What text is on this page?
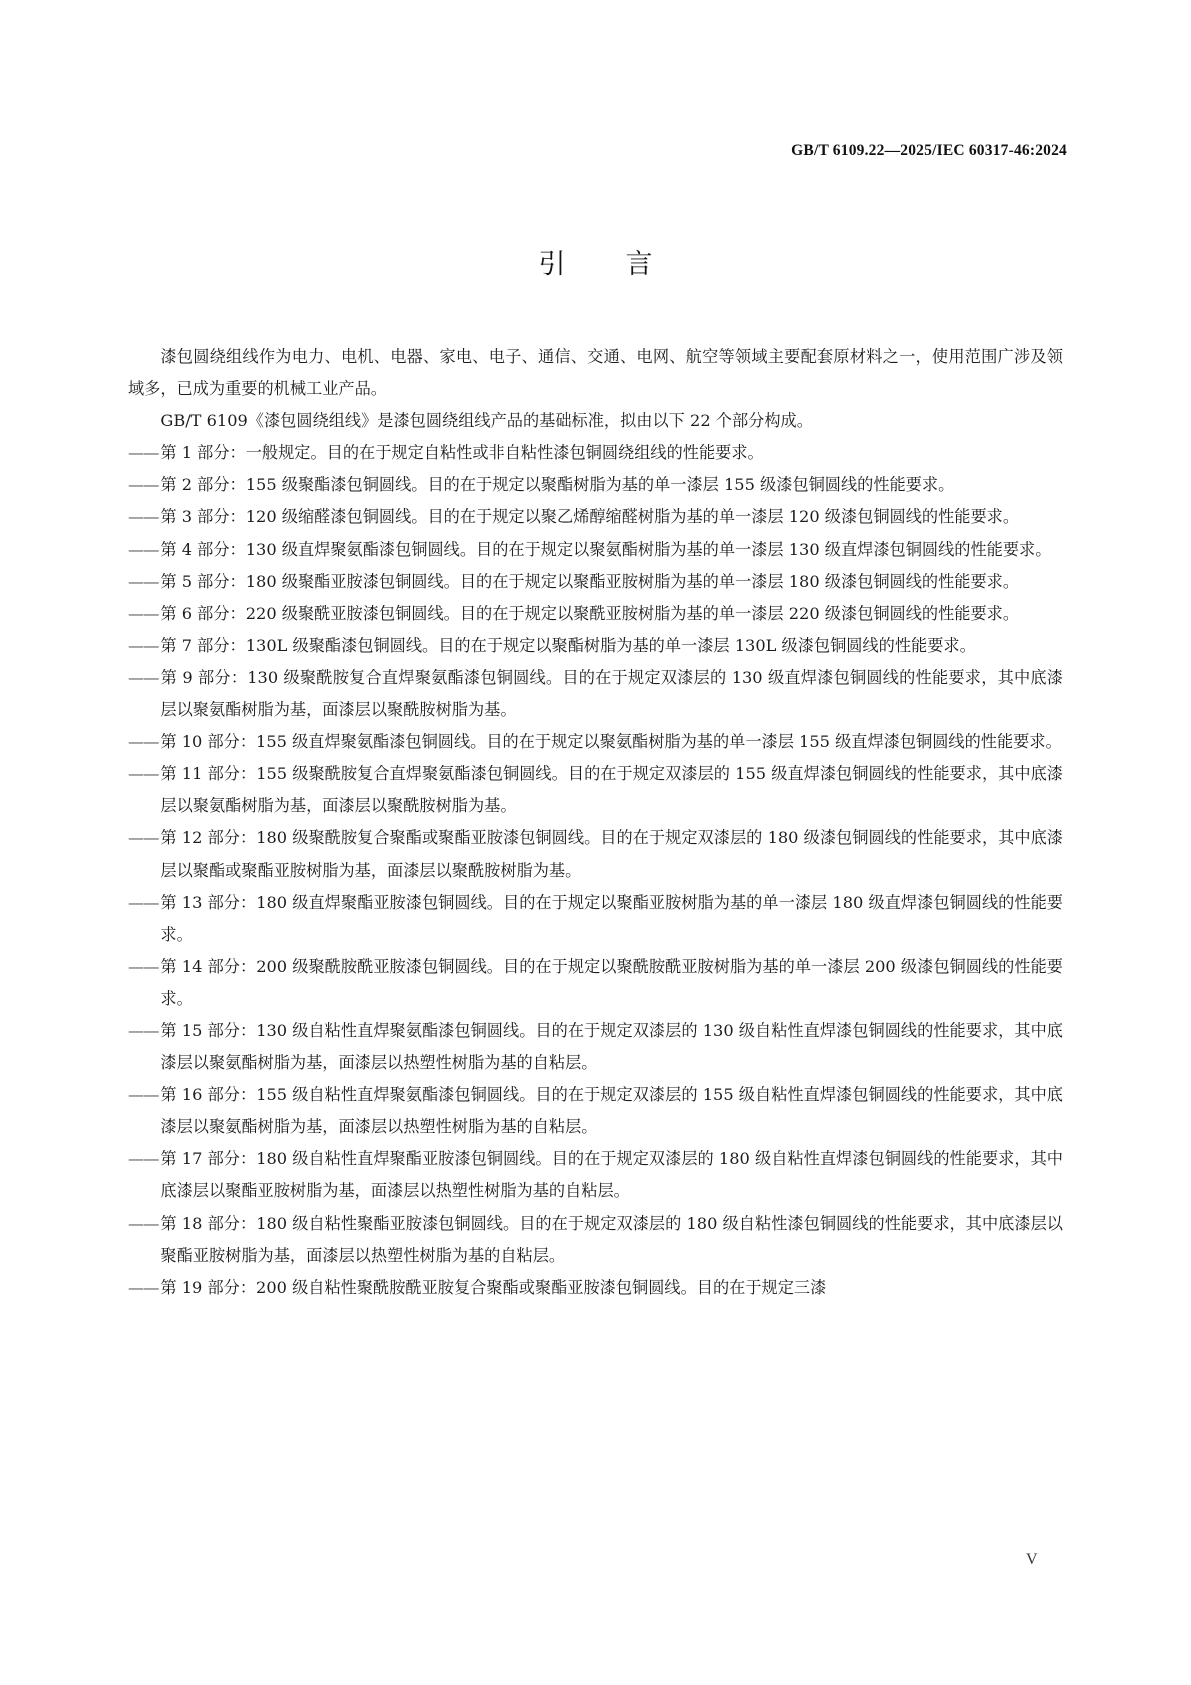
GB/T 6109.22—2025/IEC 60317-46:2024
引言

漆包圆绕组线作为电力、电机、电器、家电、电子、通信、交通、电网、航空等领域主要配套原材料之一，使用范围广涉及领域多，已成为重要的机械工业产品。

GB/T 6109《漆包圆绕组线》是漆包圆绕组线产品的基础标准，拟由以下 22 个部分构成。

—— 第 1 部分：一般规定。目的在于规定自粘性或非自粘性漆包铜圆绕组线的性能要求。

—— 第 2 部分：155 级聚酯漆包铜圆线。目的在于规定以聚酯树脂为基的单一漆层 155 级漆包铜圆线的性能要求。

—— 第 3 部分：120 级缩醛漆包铜圆线。目的在于规定以聚乙烯醇缩醛树脂为基的单一漆层 120 级漆包铜圆线的性能要求。

—— 第 4 部分：130 级直焊聚氨酯漆包铜圆线。目的在于规定以聚氨酯树脂为基的单一漆层 130 级直焊漆包铜圆线的性能要求。

—— 第 5 部分：180 级聚酯亚胺漆包铜圆线。目的在于规定以聚酯亚胺树脂为基的单一漆层 180 级漆包铜圆线的性能要求。

—— 第 6 部分：220 级聚酰亚胺漆包铜圆线。目的在于规定以聚酰亚胺树脂为基的单一漆层 220 级漆包铜圆线的性能要求。

—— 第 7 部分：130L 级聚酯漆包铜圆线。目的在于规定以聚酯树脂为基的单一漆层 130L 级漆包铜圆线的性能要求。

—— 第 9 部分：130 级聚酰胺复合直焊聚氨酯漆包铜圆线。目的在于规定双漆层的 130 级直焊漆包铜圆线的性能要求，其中底漆层以聚氨酯树脂为基，面漆层以聚酰胺树脂为基。

—— 第 10 部分：155 级直焊聚氨酯漆包铜圆线。目的在于规定以聚氨酯树脂为基的单一漆层 155 级直焊漆包铜圆线的性能要求。

—— 第 11 部分：155 级聚酰胺复合直焊聚氨酯漆包铜圆线。目的在于规定双漆层的 155 级直焊漆包铜圆线的性能要求，其中底漆层以聚氨酯树脂为基，面漆层以聚酰胺树脂为基。

—— 第 12 部分：180 级聚酰胺复合聚酯或聚酯亚胺漆包铜圆线。目的在于规定双漆层的 180 级漆包铜圆线的性能要求，其中底漆层以聚酯或聚酯亚胺树脂为基，面漆层以聚酰胺树脂为基。

—— 第 13 部分：180 级直焊聚酯亚胺漆包铜圆线。目的在于规定以聚酯亚胺树脂为基的单一漆层 180 级直焊漆包铜圆线的性能要求。

—— 第 14 部分：200 级聚酰胺酰亚胺漆包铜圆线。目的在于规定以聚酰胺酰亚胺树脂为基的单一漆层 200 级漆包铜圆线的性能要求。

—— 第 15 部分：130 级自粘性直焊聚氨酯漆包铜圆线。目的在于规定双漆层的 130 级自粘性直焊漆包铜圆线的性能要求，其中底漆层以聚氨酯树脂为基，面漆层以热塑性树脂为基的自粘层。

—— 第 16 部分：155 级自粘性直焊聚氨酯漆包铜圆线。目的在于规定双漆层的 155 级自粘性直焊漆包铜圆线的性能要求，其中底漆层以聚氨酯树脂为基，面漆层以热塑性树脂为基的自粘层。

—— 第 17 部分：180 级自粘性直焊聚酯亚胺漆包铜圆线。目的在于规定双漆层的 180 级自粘性直焊漆包铜圆线的性能要求，其中底漆层以聚酯亚胺树脂为基，面漆层以热塑性树脂为基的自粘层。

—— 第 18 部分：180 级自粘性聚酯亚胺漆包铜圆线。目的在于规定双漆层的 180 级自粘性漆包铜圆线的性能要求，其中底漆层以聚酯亚胺树脂为基，面漆层以热塑性树脂为基的自粘层。

—— 第 19 部分：200 级自粘性聚酰胺酰亚胺复合聚酯或聚酯亚胺漆包铜圆线。目的在于规定三漆

V
